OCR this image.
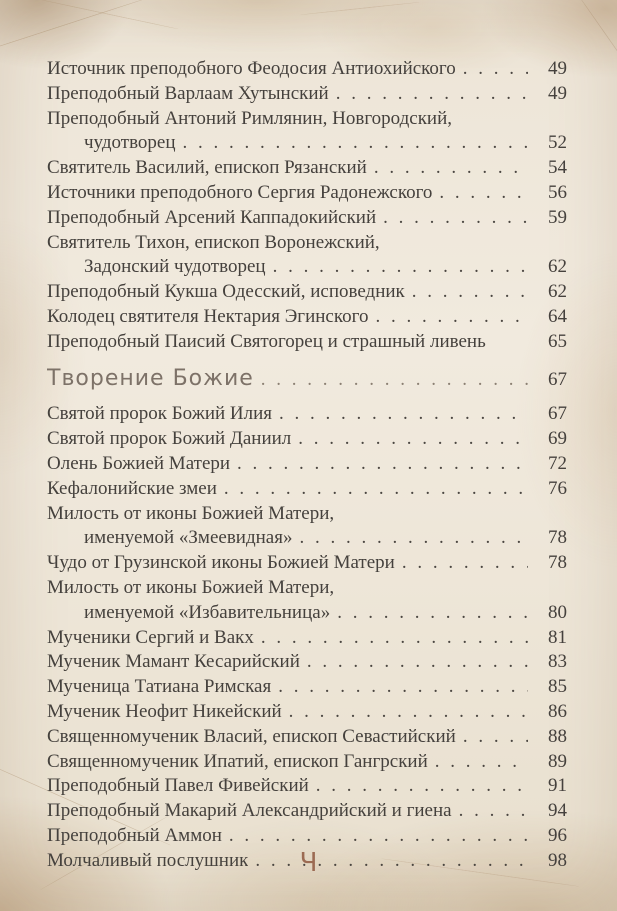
Источник преподобного Феодосия Антиохийского . . .	49
Преподобный Варлаам Хутынский . . .	49
Преподобный Антоний Римлянин, Новгородский,
чудотворец . . .	52
Святитель Василий, епископ Рязанский . . .	54
Источники преподобного Сергия Радонежского . . .	56
Преподобный Арсений Каппадокийский . . .	59
Святитель Тихон, епископ Воронежский,
Задонский чудотворец . . .	62
Преподобный Кукша Одесский, исповедник . . .	62
Колодец святителя Нектария Эгинского . . .	64
Преподобный Паисий Святогорец и страшный ливень	65
Творение Божие . . .	67
Святой пророк Божий Илия . . .	67
Святой пророк Божий Даниил . . .	69
Олень Божией Матери . . .	72
Кефалонийские змеи . . .	76
Милость от иконы Божией Матери,
именуемой «Змеевидная» . . .	78
Чудо от Грузинской иконы Божией Матери . . .	78
Милость от иконы Божией Матери,
именуемой «Избавительница» . . .	80
Мученики Сергий и Вакх . . .	81
Мученик Мамант Кесарийский . . .	83
Мученица Татиана Римская . . .	85
Мученик Неофит Никейский . . .	86
Священномученик Власий, епископ Севастийский . . .	88
Священномученик Ипатий, епископ Гангрский . . .	89
Преподобный Павел Фивейский . . .	91
Преподобный Макарий Александрийский и гиена . . .	94
Преподобный Аммон . . .	96
Молчаливый послушник . . .	98
Ч
